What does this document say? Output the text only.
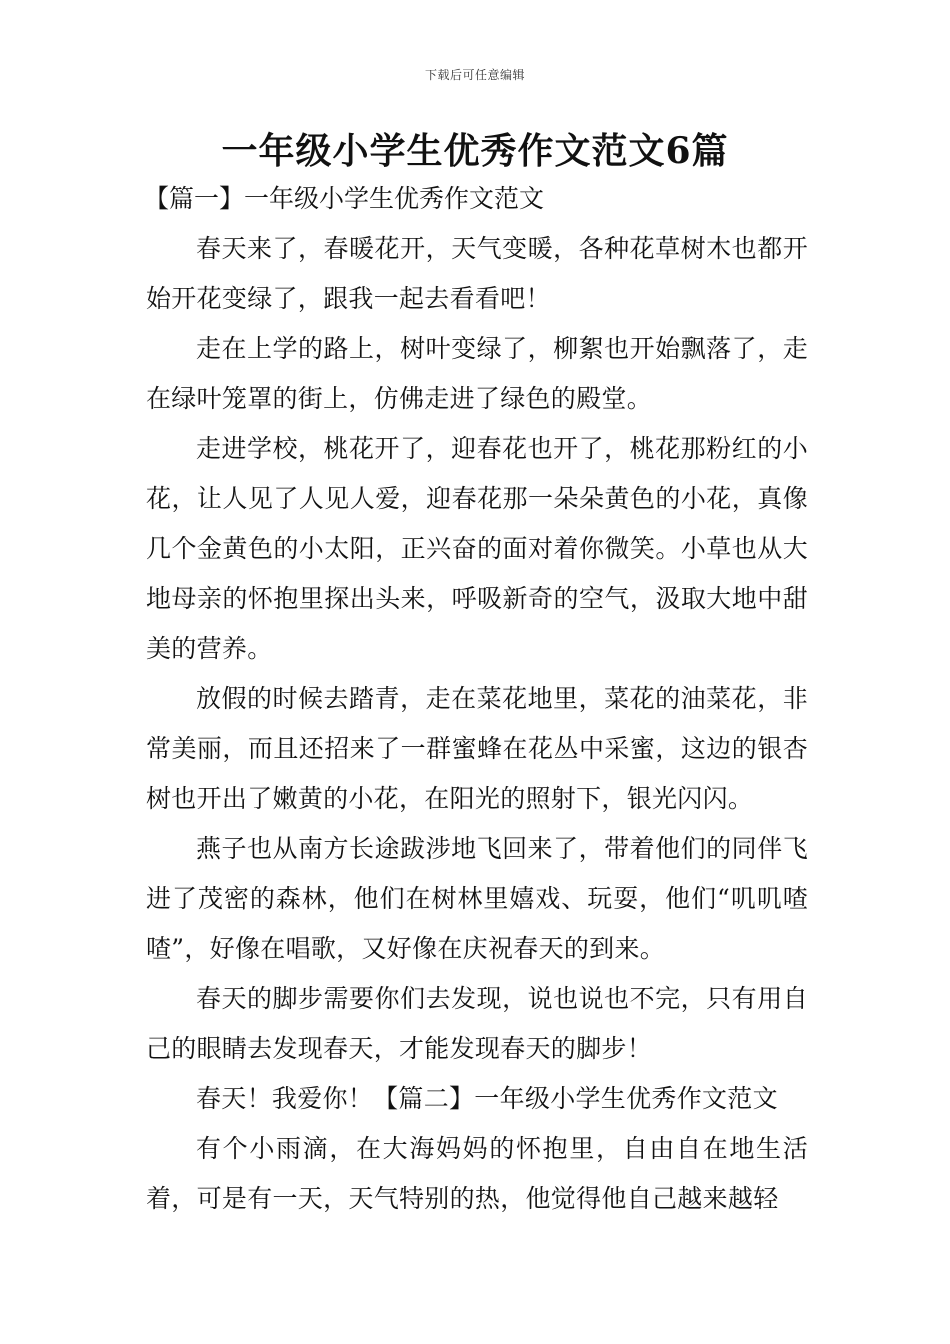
下载后可任意编辑
一年级小学生优秀作文范文6篇
【篇一】一年级小学生优秀作文范文

春天来了，春暖花开，天气变暖，各种花草树木也都开始开花变绿了，跟我一起去看看吧！

走在上学的路上，树叶变绿了，柳絮也开始飘落了，走在绿叶笼罩的街上，仿佛走进了绿色的殿堂。

走进学校，桃花开了，迎春花也开了，桃花那粉红的小花，让人见了人见人爱，迎春花那一朵朵黄色的小花，真像几个金黄色的小太阳，正兴奋的面对着你微笑。小草也从大地母亲的怀抱里探出头来，呼吸新奇的空气，汲取大地中甜美的营养。

放假的时候去踏青，走在菜花地里，菜花的油菜花，非常美丽，而且还招来了一群蜜蜂在花丛中采蜜，这边的银杏树也开出了嫩黄的小花，在阳光的照射下，银光闪闪。

燕子也从南方长途跋涉地飞回来了，带着他们的同伴飞进了茂密的森林，他们在树林里嬉戏、玩耍，他们“叽叽喳喳”，好像在唱歌，又好像在庆祝春天的到来。

春天的脚步需要你们去发现，说也说也不完，只有用自己的眼睛去发现春天，才能发现春天的脚步！

春天！我爱你！【篇二】一年级小学生优秀作文范文

有个小雨滴，在大海妈妈的怀抱里，自由自在地生活着，可是有一天，天气特别的热，他觉得他自己越来越轻
